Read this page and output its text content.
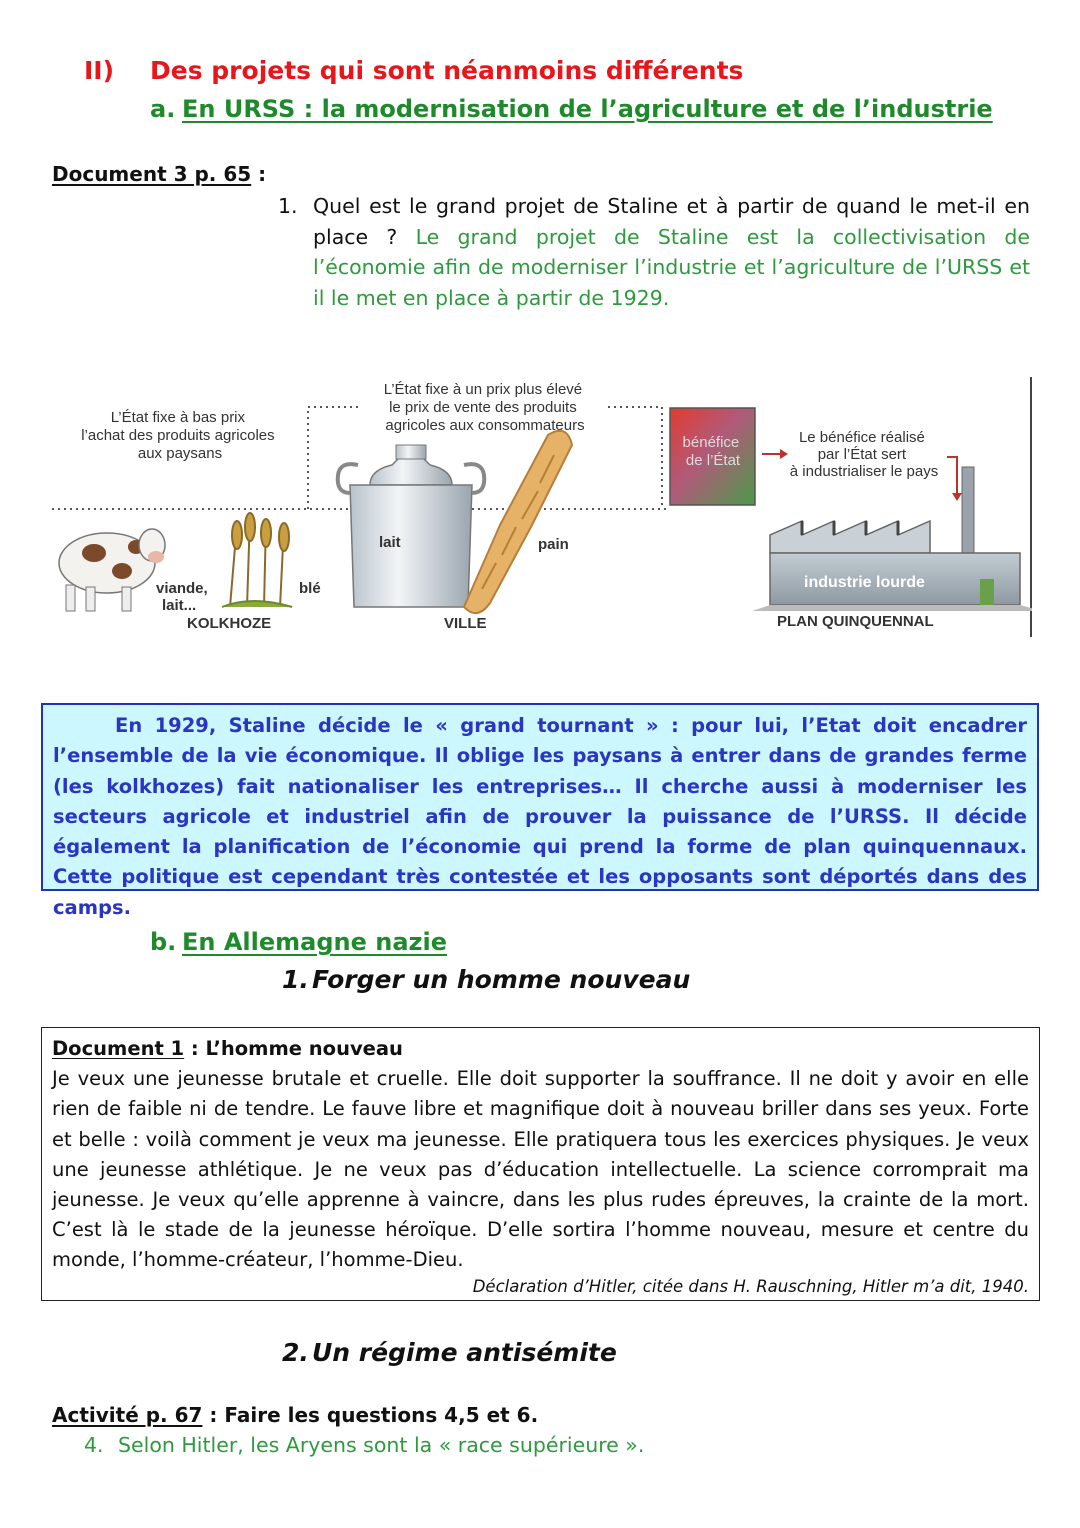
II) Des projets qui sont néanmoins différents
a. En URSS : la modernisation de l’agriculture et de l’industrie
Document 3 p. 65 :
1. Quel est le grand projet de Staline et à partir de quand le met-il en place ? Le grand projet de Staline est la collectivisation de l’économie afin de moderniser l’industrie et l’agriculture de l’URSS et il le met en place à partir de 1929.
L’État fixe à bas prix l’achat des produits agricoles aux paysans
L’État fixe à un prix plus élevé le prix de vente des produits agricoles aux consommateurs
viande, lait...
blé
lait	pain
bénéfice de l’État
Le bénéfice réalisé par l’État sert à industrialiser le pays
industrie lourde
KOLKHOZE	VILLE	PLAN QUINQUENNAL
En 1929, Staline décide le « grand tournant » : pour lui, l’Etat doit encadrer l’ensemble de la vie économique. Il oblige les paysans à entrer dans de grandes ferme (les kolkhozes) fait nationaliser les entreprises… Il cherche aussi à moderniser les secteurs agricole et industriel afin de prouver la puissance de l’URSS. Il décide également la planification de l’économie qui prend la forme de plan quinquennaux. Cette politique est cependant très contestée et les opposants sont déportés dans des camps.
b. En Allemagne nazie
1. Forger un homme nouveau
Document 1 : L’homme nouveau
Je veux une jeunesse brutale et cruelle. Elle doit supporter la souffrance. Il ne doit y avoir en elle rien de faible ni de tendre. Le fauve libre et magnifique doit à nouveau briller dans ses yeux. Forte et belle : voilà comment je veux ma jeunesse. Elle pratiquera tous les exercices physiques. Je veux une jeunesse athlétique. Je ne veux pas d’éducation intellectuelle. La science corromprait ma jeunesse. Je veux qu’elle apprenne à vaincre, dans les plus rudes épreuves, la crainte de la mort. C’est là le stade de la jeunesse héroïque. D’elle sortira l’homme nouveau, mesure et centre du monde, l’homme-créateur, l’homme-Dieu.
Déclaration d’Hitler, citée dans H. Rauschning, Hitler m’a dit, 1940.
2. Un régime antisémite
Activité p. 67 : Faire les questions 4,5 et 6.
4. Selon Hitler, les Aryens sont la « race supérieure ».
